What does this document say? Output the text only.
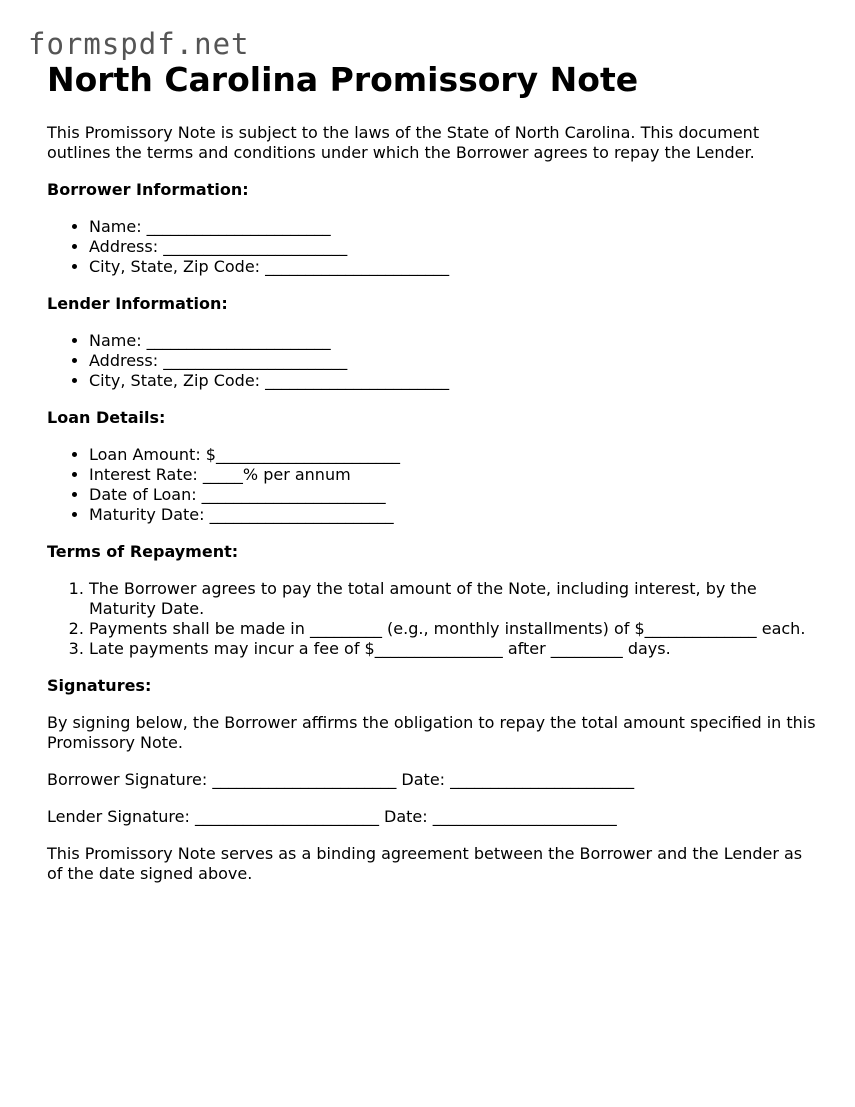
formspdf.net
North Carolina Promissory Note

This Promissory Note is subject to the laws of the State of North Carolina. This document outlines the terms and conditions under which the Borrower agrees to repay the Lender.

Borrower Information:
• Name: _______________________
• Address: _______________________
• City, State, Zip Code: _______________________
Lender Information:
• Name: _______________________
• Address: _______________________
• City, State, Zip Code: _______________________
Loan Details:
• Loan Amount: $_______________________
• Interest Rate: _____% per annum
• Date of Loan: _______________________
• Maturity Date: _______________________
Terms of Repayment:
1. The Borrower agrees to pay the total amount of the Note, including interest, by the Maturity Date.
2. Payments shall be made in _________ (e.g., monthly installments) of $______________ each.
3. Late payments may incur a fee of $________________ after _________ days.
Signatures:

By signing below, the Borrower affirms the obligation to repay the total amount specified in this Promissory Note.

Borrower Signature: _______________________ Date: _______________________

Lender Signature: _______________________ Date: _______________________

This Promissory Note serves as a binding agreement between the Borrower and the Lender as of the date signed above.
